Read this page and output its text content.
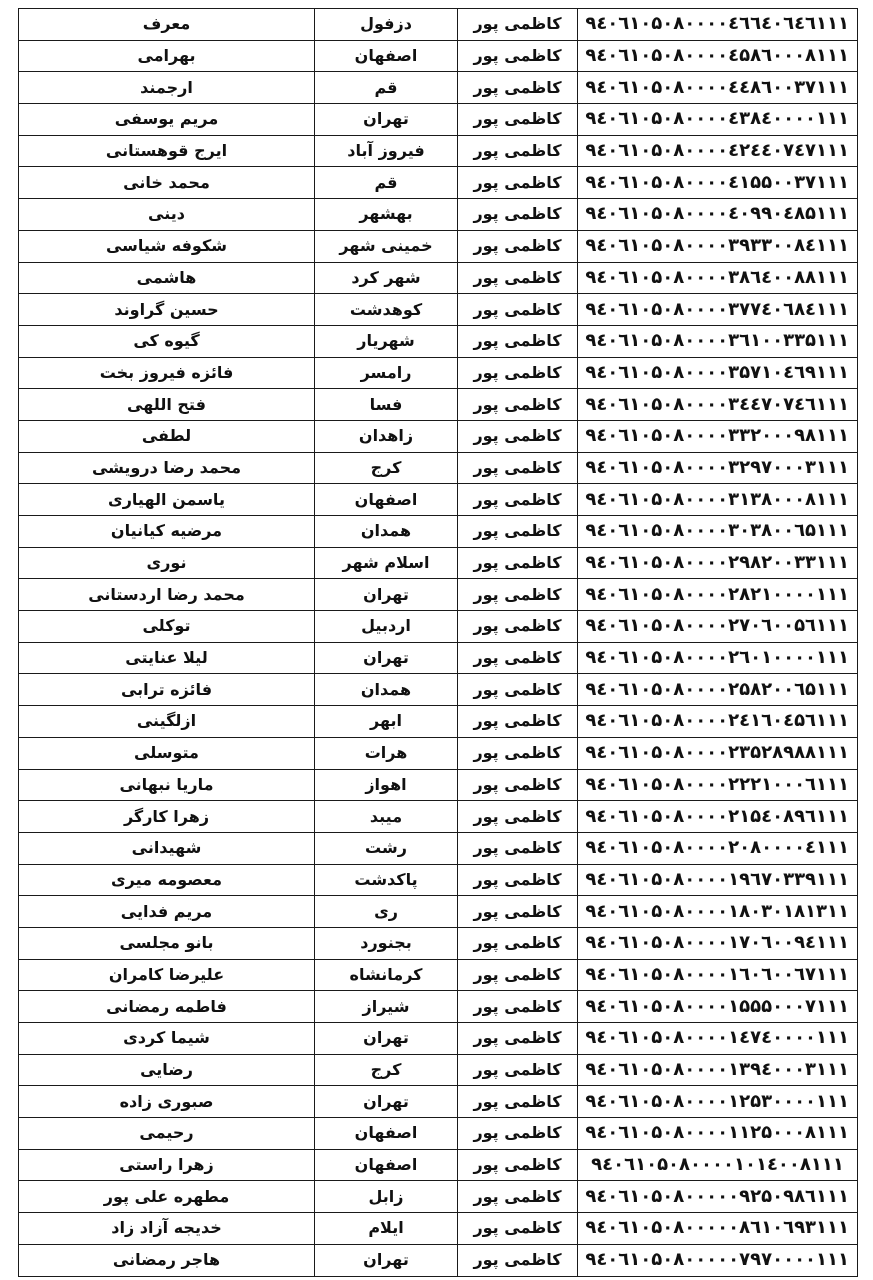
۹٤۰٦۱۰۵۰۸۰۰۰۰٤٦٦٤۰٦٤٦۱۱۱	کاظمی پور	دزفول	معرف
۹٤۰٦۱۰۵۰۸۰۰۰۰٤۵۸٦۰۰۰۸۱۱۱	کاظمی پور	اصفهان	بهرامی
۹٤۰٦۱۰۵۰۸۰۰۰۰٤٤۸٦۰۰۳۷۱۱۱	کاظمی پور	قم	ارجمند
۹٤۰٦۱۰۵۰۸۰۰۰۰٤۳۸٤۰۰۰۰۱۱۱	کاظمی پور	تهران	مریم یوسفی
۹٤۰٦۱۰۵۰۸۰۰۰۰٤۲٤٤۰۷٤۷۱۱۱	کاظمی پور	فیروز آباد	ایرج قوهستانی
۹٤۰٦۱۰۵۰۸۰۰۰۰٤۱۵۵۰۰۳۷۱۱۱	کاظمی پور	قم	محمد خانی
۹٤۰٦۱۰۵۰۸۰۰۰۰٤۰۹۹۰٤۸۵۱۱۱	کاظمی پور	بهشهر	دینی
۹٤۰٦۱۰۵۰۸۰۰۰۰۳۹۳۳۰۰۸٤۱۱۱	کاظمی پور	خمینی شهر	شکوفه شیاسی
۹٤۰٦۱۰۵۰۸۰۰۰۰۳۸٦٤۰۰۸۸۱۱۱	کاظمی پور	شهر کرد	هاشمی
۹٤۰٦۱۰۵۰۸۰۰۰۰۳۷۷٤۰٦۸٤۱۱۱	کاظمی پور	کوهدشت	حسین گراوند
۹٤۰٦۱۰۵۰۸۰۰۰۰۳٦۱۰۰۳۳۵۱۱۱	کاظمی پور	شهریار	گیوه کی
۹٤۰٦۱۰۵۰۸۰۰۰۰۳۵۷۱۰٤٦۹۱۱۱	کاظمی پور	رامسر	فائزه فیروز بخت
۹٤۰٦۱۰۵۰۸۰۰۰۰۳٤٤۷۰۷٤٦۱۱۱	کاظمی پور	فسا	فتح اللهی
۹٤۰٦۱۰۵۰۸۰۰۰۰۳۳۲۰۰۰۹۸۱۱۱	کاظمی پور	زاهدان	لطفی
۹٤۰٦۱۰۵۰۸۰۰۰۰۳۲۹۷۰۰۰۳۱۱۱	کاظمی پور	کرج	محمد رضا درویشی
۹٤۰٦۱۰۵۰۸۰۰۰۰۳۱۳۸۰۰۰۸۱۱۱	کاظمی پور	اصفهان	یاسمن الهیاری
۹٤۰٦۱۰۵۰۸۰۰۰۰۳۰۳۸۰۰٦۵۱۱۱	کاظمی پور	همدان	مرضیه کیانیان
۹٤۰٦۱۰۵۰۸۰۰۰۰۲۹۸۲۰۰۳۳۱۱۱	کاظمی پور	اسلام شهر	نوری
۹٤۰٦۱۰۵۰۸۰۰۰۰۲۸۲۱۰۰۰۰۱۱۱	کاظمی پور	تهران	محمد رضا اردستانی
۹٤۰٦۱۰۵۰۸۰۰۰۰۲۷۰٦۰۰۵٦۱۱۱	کاظمی پور	اردبیل	توکلی
۹٤۰٦۱۰۵۰۸۰۰۰۰۲٦۰۱۰۰۰۰۱۱۱	کاظمی پور	تهران	لیلا عنایتی
۹٤۰٦۱۰۵۰۸۰۰۰۰۲۵۸۲۰۰٦۵۱۱۱	کاظمی پور	همدان	فائزه ترابی
۹٤۰٦۱۰۵۰۸۰۰۰۰۲٤۱٦۰٤۵٦۱۱۱	کاظمی پور	ابهر	ازلگینی
۹٤۰٦۱۰۵۰۸۰۰۰۰۲۳۵۲۸۹۸۸۱۱۱	کاظمی پور	هرات	متوسلی
۹٤۰٦۱۰۵۰۸۰۰۰۰۲۲۲۱۰۰۰٦۱۱۱	کاظمی پور	اهواز	ماریا نبهانی
۹٤۰٦۱۰۵۰۸۰۰۰۰۲۱۵٤۰۸۹٦۱۱۱	کاظمی پور	میبد	زهرا کارگر
۹٤۰٦۱۰۵۰۸۰۰۰۰۲۰۸۰۰۰۰٤۱۱۱	کاظمی پور	رشت	شهیدانی
۹٤۰٦۱۰۵۰۸۰۰۰۰۱۹٦۷۰۳۳۹۱۱۱	کاظمی پور	پاکدشت	معصومه میری
۹٤۰٦۱۰۵۰۸۰۰۰۰۱۸۰۳۰۱۸۱۳۱۱	کاظمی پور	ری	مریم فدایی
۹٤۰٦۱۰۵۰۸۰۰۰۰۱۷۰٦۰۰۹٤۱۱۱	کاظمی پور	بجنورد	بانو مجلسی
۹٤۰٦۱۰۵۰۸۰۰۰۰۱٦۰٦۰۰٦۷۱۱۱	کاظمی پور	کرمانشاه	علیرضا کامران
۹٤۰٦۱۰۵۰۸۰۰۰۰۱۵۵۵۰۰۰۷۱۱۱	کاظمی پور	شیراز	فاطمه رمضانی
۹٤۰٦۱۰۵۰۸۰۰۰۰۱٤۷٤۰۰۰۰۱۱۱	کاظمی پور	تهران	شیما کردی
۹٤۰٦۱۰۵۰۸۰۰۰۰۱۳۹٤۰۰۰۳۱۱۱	کاظمی پور	کرج	رضایی
۹٤۰٦۱۰۵۰۸۰۰۰۰۱۲۵۳۰۰۰۰۱۱۱	کاظمی پور	تهران	صبوری زاده
۹٤۰٦۱۰۵۰۸۰۰۰۰۱۱۲۵۰۰۰۸۱۱۱	کاظمی پور	اصفهان	رحیمی
۹٤۰٦۱۰۵۰۸۰۰۰۰۱۰۱٤۰۰۸۱۱۱	کاظمی پور	اصفهان	زهرا راستی
۹٤۰٦۱۰۵۰۸۰۰۰۰۰۹۲۵۰۹۸٦۱۱۱	کاظمی پور	زابل	مطهره علی پور
۹٤۰٦۱۰۵۰۸۰۰۰۰۰۸٦۱۰٦۹۳۱۱۱	کاظمی پور	ایلام	خدیجه آزاد زاد
۹٤۰٦۱۰۵۰۸۰۰۰۰۰۷۹۷۰۰۰۰۱۱۱	کاظمی پور	تهران	هاجر رمضانی
